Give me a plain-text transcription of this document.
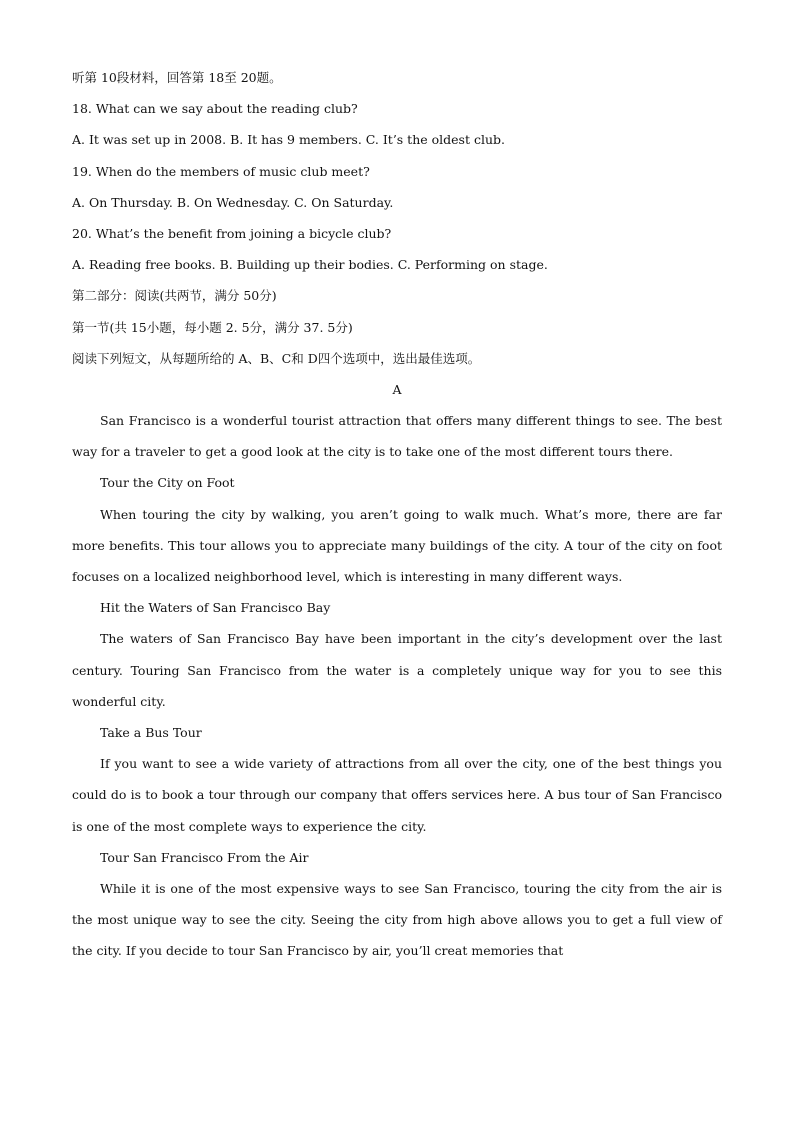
听第 10段材料，回答第 18至 20题。
18. What can we say about the reading club?
A. It was set up in 2008. B. It has 9 members. C. It’s the oldest club.
19. When do the members of music club meet?
A. On Thursday. B. On Wednesday. C. On Saturday.
20. What’s the benefit from joining a bicycle club?
A. Reading free books. B. Building up their bodies. C. Performing on stage.
第二部分：阅读(共两节，满分 50分)
第一节(共 15小题，每小题 2. 5分，满分 37. 5分)
阅读下列短文，从每题所给的 A、B、C和 D四个选项中，选出最佳选项。
A
San Francisco is a wonderful tourist attraction that offers many different things to see. The best way for a traveler to get a good look at the city is to take one of the most different tours there.
Tour the City on Foot
When touring the city by walking, you aren’t going to walk much. What’s more, there are far more benefits. This tour allows you to appreciate many buildings of the city. A tour of the city on foot focuses on a localized neighborhood level, which is interesting in many different ways.
Hit the Waters of San Francisco Bay
The waters of San Francisco Bay have been important in the city’s development over the last century. Touring San Francisco from the water is a completely unique way for you to see this wonderful city.
Take a Bus Tour
If you want to see a wide variety of attractions from all over the city, one of the best things you could do is to book a tour through our company that offers services here. A bus tour of San Francisco is one of the most complete ways to experience the city.
Tour San Francisco From the Air
While it is one of the most expensive ways to see San Francisco, touring the city from the air is the most unique way to see the city. Seeing the city from high above allows you to get a full view of the city. If you decide to tour San Francisco by air, you’ll creat memories that
